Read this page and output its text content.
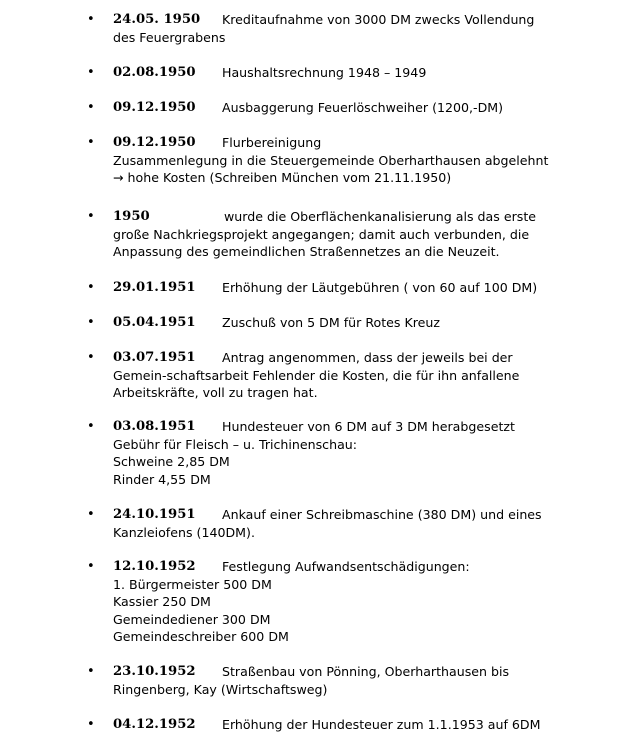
• 24.05. 1950 Kreditaufnahme von 3000 DM zwecks Vollendung
des Feuergrabens
• 02.08.1950 Haushaltsrechnung 1948 – 1949
• 09.12.1950 Ausbaggerung Feuerlöschweiher (1200,-DM)
• 09.12.1950 Flurbereinigung
Zusammenlegung in die Steuergemeinde Oberharthausen abgelehnt
→ hohe Kosten (Schreiben München vom 21.11.1950)
• 1950	wurde die Oberflächenkanalisierung als das erste
große Nachkriegsprojekt angegangen; damit auch verbunden, die
Anpassung des gemeindlichen Straßennetzes an die Neuzeit.
• 29.01.1951 Erhöhung der Läutgebühren ( von 60 auf 100 DM)
• 05.04.1951 Zuschuß von 5 DM für Rotes Kreuz
• 03.07.1951 Antrag angenommen, dass der jeweils bei der
Gemein-schaftsarbeit Fehlender die Kosten, die für ihn anfallene
Arbeitskräfte, voll zu tragen hat.
• 03.08.1951 Hundesteuer von 6 DM auf 3 DM herabgesetzt
Gebühr für Fleisch – u. Trichinenschau:
Schweine 2,85 DM
Rinder 4,55 DM
• 24.10.1951 Ankauf einer Schreibmaschine (380 DM) und eines
Kanzleiofens (140DM).
• 12.10.1952 Festlegung Aufwandsentschädigungen:
1. Bürgermeister 500 DM
Kassier 250 DM
Gemeindediener 300 DM
Gemeindeschreiber 600 DM
• 23.10.1952 Straßenbau von Pönning, Oberharthausen bis
Ringenberg, Kay (Wirtschaftsweg)
• 04.12.1952 Erhöhung der Hundesteuer zum 1.1.1953 auf 6DM
